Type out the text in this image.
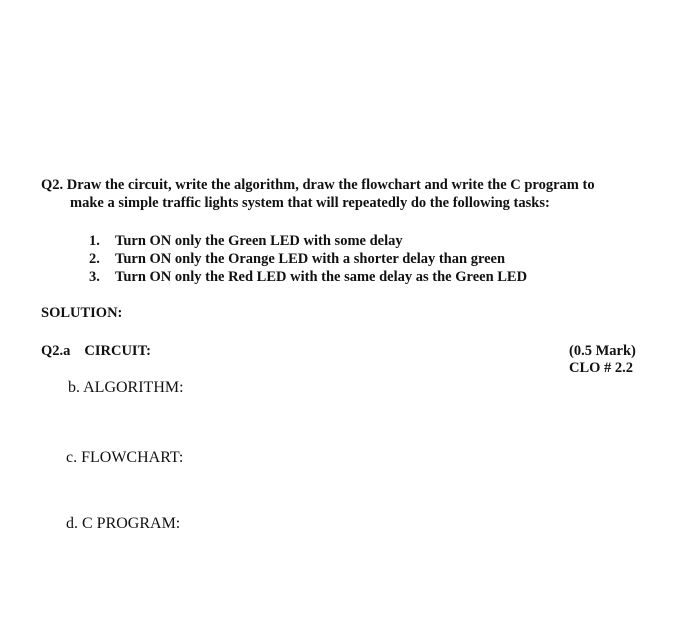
Q2. Draw the circuit, write the algorithm, draw the flowchart and write the C program to
make a simple traffic lights system that will repeatedly do the following tasks:
1. Turn ON only the Green LED with some delay
2. Turn ON only the Orange LED with a shorter delay than green
3. Turn ON only the Red LED with the same delay as the Green LED
SOLUTION:
Q2.a CIRCUIT:	(0.5 Mark)
CLO # 2.2
b. ALGORITHM:
c. FLOWCHART:
d. C PROGRAM:
